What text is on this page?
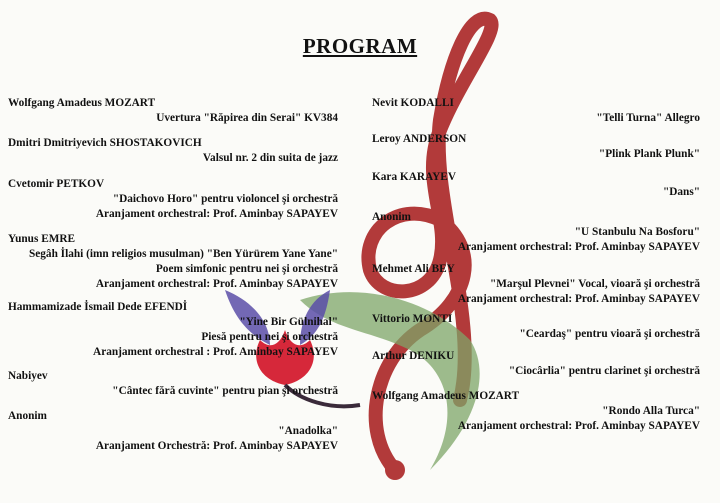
PROGRAM
Wolfgang Amadeus MOZART
Uvertura "Răpirea din Serai" KV384
Dmitri Dmitriyevich SHOSTAKOVICH
Valsul nr. 2 din suita de jazz
Cvetomir PETKOV
"Daichovo Horo" pentru violoncel şi orchestră
Aranjament orchestral: Prof. Aminbay SAPAYEV
Yunus EMRE
Segâh İlahi (imn religios musulman) "Ben Yürürem Yane Yane"
Poem simfonic pentru nei şi orchestră
Aranjament orchestral: Prof. Aminbay SAPAYEV
Hammamizade İsmail Dede EFENDİ
"Yine Bir Gülnihal"
Piesă pentru nei şi orchestră
Aranjament orchestral : Prof. Aminbay SAPAYEV
Nabiyev
"Cântec fără cuvinte" pentru pian şi orchestră
Anonim
"Anadolka"
Aranjament Orchestră: Prof. Aminbay SAPAYEV
Nevit KODALLI
"Telli Turna" Allegro
Leroy ANDERSON
"Plink Plank Plunk"
Kara KARAYEV
"Dans"
Anonim
"U Stanbulu Na Bosforu"
Aranjament orchestral: Prof. Aminbay SAPAYEV
Mehmet Ali BEY
"Marşul Plevnei" Vocal, vioară şi orchestră
Aranjament orchestral: Prof. Aminbay SAPAYEV
Vittorio MONTI
"Ceardaş" pentru vioară şi orchestră
Arthur DENIKU
"Ciocârlia" pentru clarinet şi orchestră
Wolfgang Amadeus MOZART
"Rondo Alla Turca"
Aranjament orchestral: Prof. Aminbay SAPAYEV
